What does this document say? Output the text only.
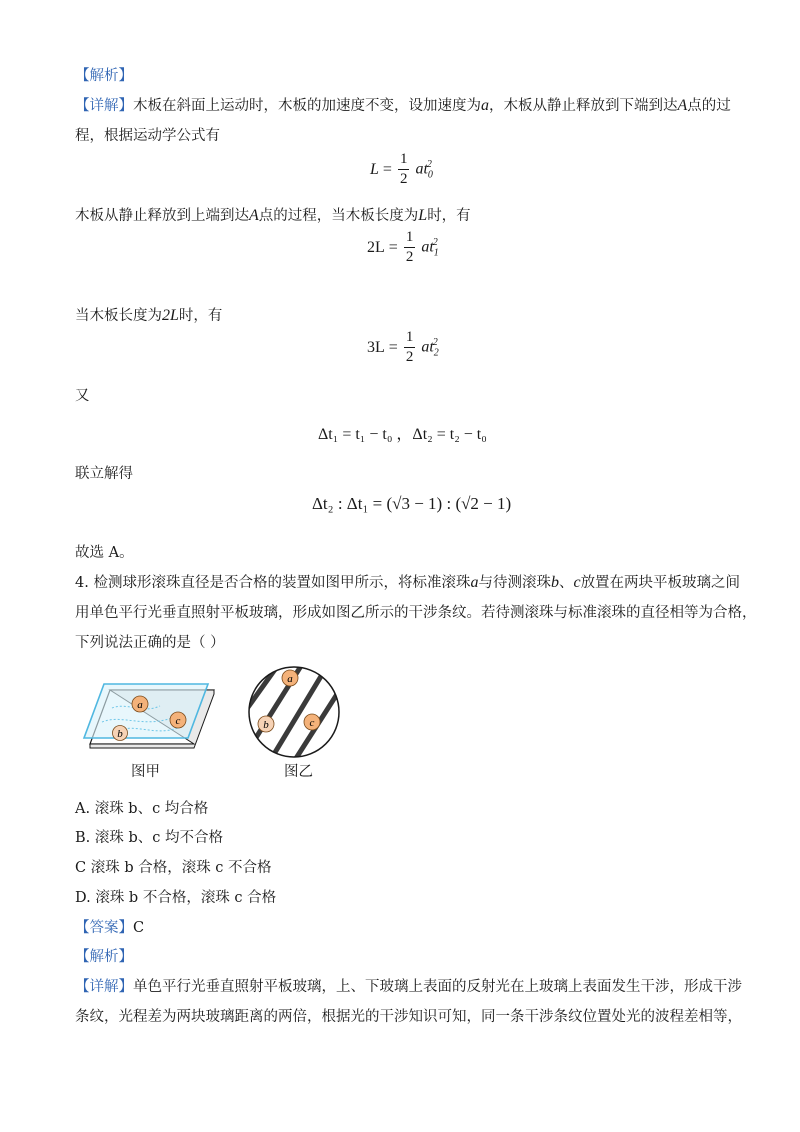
【解析】
【详解】木板在斜面上运动时，木板的加速度不变，设加速度为a，木板从静止释放到下端到达A点的过
程，根据运动学公式有
$L = \frac{1}{2} at_0^2$
木板从静止释放到上端到达A点的过程，当木板长度为L时，有
$2L = \frac{1}{2} at_1^2$
当木板长度为2L时，有
$3L = \frac{1}{2} at_2^2$
又
Δt₁ = t₁ − t₀ ，Δt₂ = t₂ − t₀
联立解得
Δt₂ : Δt₁ = (√3 − 1) : (√2 − 1)
故选 A。
4. 检测球形滚珠直径是否合格的装置如图甲所示，将标准滚珠a与待测滚珠b、c放置在两块平板玻璃之间
用单色平行光垂直照射平板玻璃，形成如图乙所示的干涉条纹。若待测滚珠与标准滚珠的直径相等为合格，
下列说法正确的是（ ）
a
c
b
图甲
a
b	c
图乙
A. 滚珠 b、c 均合格
B. 滚珠 b、c 均不合格
C 滚珠 b 合格，滚珠 c 不合格
D. 滚珠 b 不合格，滚珠 c 合格
【答案】C
【解析】
【详解】单色平行光垂直照射平板玻璃，上、下玻璃上表面的反射光在上玻璃上表面发生干涉，形成干涉
条纹，光程差为两块玻璃距离的两倍，根据光的干涉知识可知，同一条干涉条纹位置处光的波程差相等，
